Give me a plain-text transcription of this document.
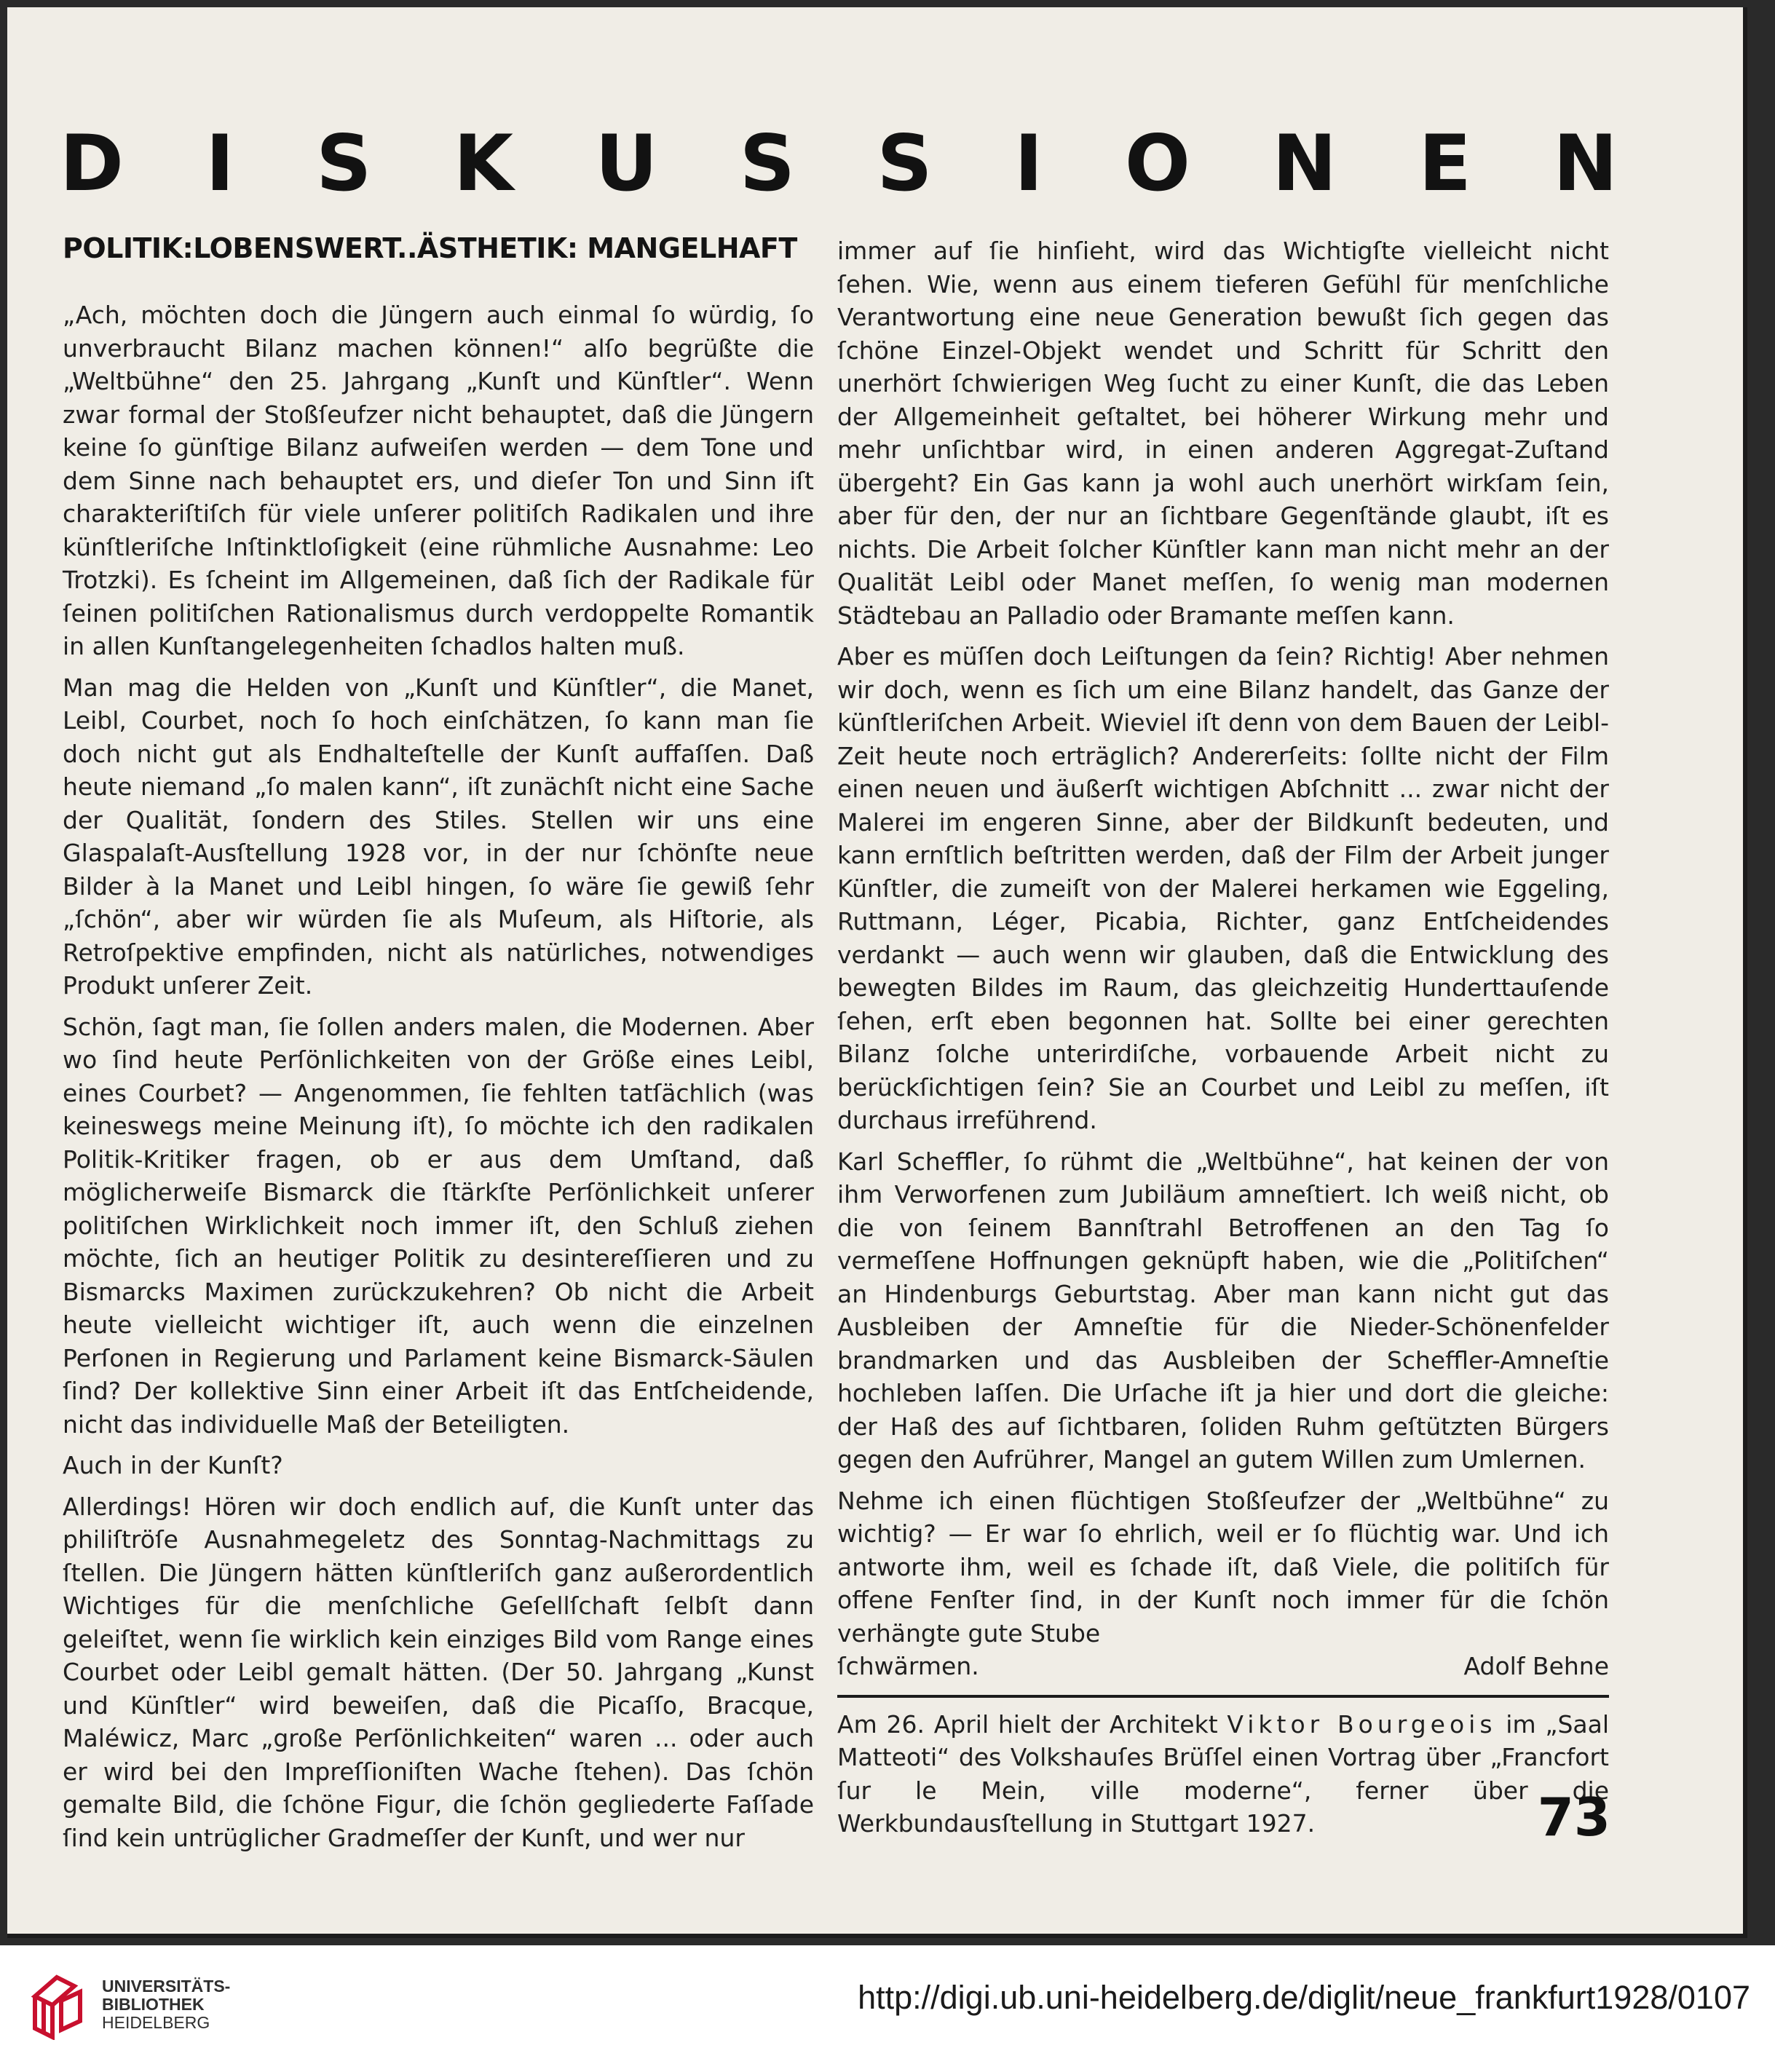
D I S K U S S I O N E N
POLITIK:LOBENSWERT..ÄSTHETIK: MANGELHAFT

„Ach, möchten doch die Jüngern auch einmal ſo würdig, ſo unverbraucht Bilanz machen können!“ alſo begrüßte die „Weltbühne“ den 25. Jahrgang „Kunſt und Künſtler“. Wenn zwar formal der Stoßſeufzer nicht behauptet, daß die Jüngern keine ſo günſtige Bilanz aufweiſen werden — dem Tone und dem Sinne nach behauptet ers, und dieſer Ton und Sinn iſt charakteriſtiſch für viele unſerer politiſch Radikalen und ihre künſtleriſche Inſtinktloſigkeit (eine rühmliche Ausnahme: Leo Trotzki). Es ſcheint im Allgemeinen, daß ſich der Radikale für ſeinen politiſchen Rationalismus durch verdoppelte Romantik in allen Kunſtangelegenheiten ſchadlos halten muß.

Man mag die Helden von „Kunſt und Künſtler“, die Manet, Leibl, Courbet, noch ſo hoch einſchätzen, ſo kann man ſie doch nicht gut als Endhalteſtelle der Kunſt auffaſſen. Daß heute niemand „ſo malen kann“, iſt zunächſt nicht eine Sache der Qualität, ſondern des Stiles. Stellen wir uns eine Glaspalaſt-Ausſtellung 1928 vor, in der nur ſchönſte neue Bilder à la Manet und Leibl hingen, ſo wäre ſie gewiß ſehr „ſchön“, aber wir würden ſie als Muſeum, als Hiſtorie, als Retroſpektive empfinden, nicht als natürliches, notwendiges Produkt unſerer Zeit.

Schön, ſagt man, ſie ſollen anders malen, die Modernen. Aber wo ſind heute Perſönlichkeiten von der Größe eines Leibl, eines Courbet? — Angenommen, ſie fehlten tatſächlich (was keineswegs meine Meinung iſt), ſo möchte ich den radikalen Politik-Kritiker fragen, ob er aus dem Umſtand, daß möglicherweiſe Bismarck die ſtärkſte Perſönlichkeit unſerer politiſchen Wirklichkeit noch immer iſt, den Schluß ziehen möchte, ſich an heutiger Politik zu desintereſſieren und zu Bismarcks Maximen zurückzukehren? Ob nicht die Arbeit heute vielleicht wichtiger iſt, auch wenn die einzelnen Perſonen in Regierung und Parlament keine Bismarck-Säulen ſind? Der kollektive Sinn einer Arbeit iſt das Entſcheidende, nicht das individuelle Maß der Beteiligten.

Auch in der Kunſt?

Allerdings! Hören wir doch endlich auf, die Kunſt unter das philiſtröſe Ausnahmegeletz des Sonntag-Nachmittags zu ſtellen. Die Jüngern hätten künſtleriſch ganz außerordentlich Wichtiges für die menſchliche Geſellſchaft ſelbſt dann geleiſtet, wenn ſie wirklich kein einziges Bild vom Range eines Courbet oder Leibl gemalt hätten. (Der 50. Jahrgang „Kunst und Künſtler“ wird beweiſen, daß die Picaſſo, Bracque, Maléwicz, Marc „große Perſönlichkeiten“ waren ... oder auch er wird bei den Impreſſioniſten Wache ſtehen). Das ſchön gemalte Bild, die ſchöne Figur, die ſchön gegliederte Faſſade ſind kein untrüglicher Gradmeſſer der Kunſt, und wer nur

immer auf ſie hinſieht, wird das Wichtigſte vielleicht nicht ſehen. Wie, wenn aus einem tieferen Gefühl für menſchliche Verantwortung eine neue Generation bewußt ſich gegen das ſchöne Einzel-Objekt wendet und Schritt für Schritt den unerhört ſchwierigen Weg ſucht zu einer Kunſt, die das Leben der Allgemeinheit geſtaltet, bei höherer Wirkung mehr und mehr unſichtbar wird, in einen anderen Aggregat-Zuſtand übergeht? Ein Gas kann ja wohl auch unerhört wirkſam ſein, aber für den, der nur an ſichtbare Gegenſtände glaubt, iſt es nichts. Die Arbeit ſolcher Künſtler kann man nicht mehr an der Qualität Leibl oder Manet meſſen, ſo wenig man modernen Städtebau an Palladio oder Bramante meſſen kann.

Aber es müſſen doch Leiſtungen da ſein? Richtig! Aber nehmen wir doch, wenn es ſich um eine Bilanz handelt, das Ganze der künſtleriſchen Arbeit. Wieviel iſt denn von dem Bauen der Leibl-Zeit heute noch erträglich? Andererſeits: ſollte nicht der Film einen neuen und äußerſt wichtigen Abſchnitt ... zwar nicht der Malerei im engeren Sinne, aber der Bildkunſt bedeuten, und kann ernſtlich beſtritten werden, daß der Film der Arbeit junger Künſtler, die zumeiſt von der Malerei herkamen wie Eggeling, Ruttmann, Léger, Picabia, Richter, ganz Entſcheidendes verdankt — auch wenn wir glauben, daß die Entwicklung des bewegten Bildes im Raum, das gleichzeitig Hunderttauſende ſehen, erſt eben begonnen hat. Sollte bei einer gerechten Bilanz ſolche unterirdiſche, vorbauende Arbeit nicht zu berückſichtigen ſein? Sie an Courbet und Leibl zu meſſen, iſt durchaus irreführend.

Karl Scheffler, ſo rühmt die „Weltbühne“, hat keinen der von ihm Verworfenen zum Jubiläum amneſtiert. Ich weiß nicht, ob die von ſeinem Bannſtrahl Betroffenen an den Tag ſo vermeſſene Hoffnungen geknüpft haben, wie die „Politiſchen“ an Hindenburgs Geburtstag. Aber man kann nicht gut das Ausbleiben der Amneſtie für die Nieder-Schönenfelder brandmarken und das Ausbleiben der Scheffler-Amneſtie hochleben laſſen. Die Urſache iſt ja hier und dort die gleiche: der Haß des auf ſichtbaren, ſoliden Ruhm geſtützten Bürgers gegen den Aufrührer, Mangel an gutem Willen zum Umlernen.

Nehme ich einen flüchtigen Stoßſeufzer der „Weltbühne“ zu wichtig? — Er war ſo ehrlich, weil er ſo flüchtig war. Und ich antworte ihm, weil es ſchade iſt, daß Viele, die politiſch für offene Fenſter ſind, in der Kunſt noch immer für die ſchön verhängte gute Stube

ſchwärmen.	Adolf Behne

Am 26. April hielt der Architekt Viktor Bourgeois im „Saal Matteoti“ des Volkshauſes Brüſſel einen Vortrag über „Francfort ſur le Mein, ville moderne“, ferner über die Werkbundausſtellung in Stuttgart 1927.	73
UNIVERSITÄTS-
BIBLIOTHEK
HEIDELBERG
http://digi.ub.uni-heidelberg.de/diglit/neue_frankfurt1928/0107
